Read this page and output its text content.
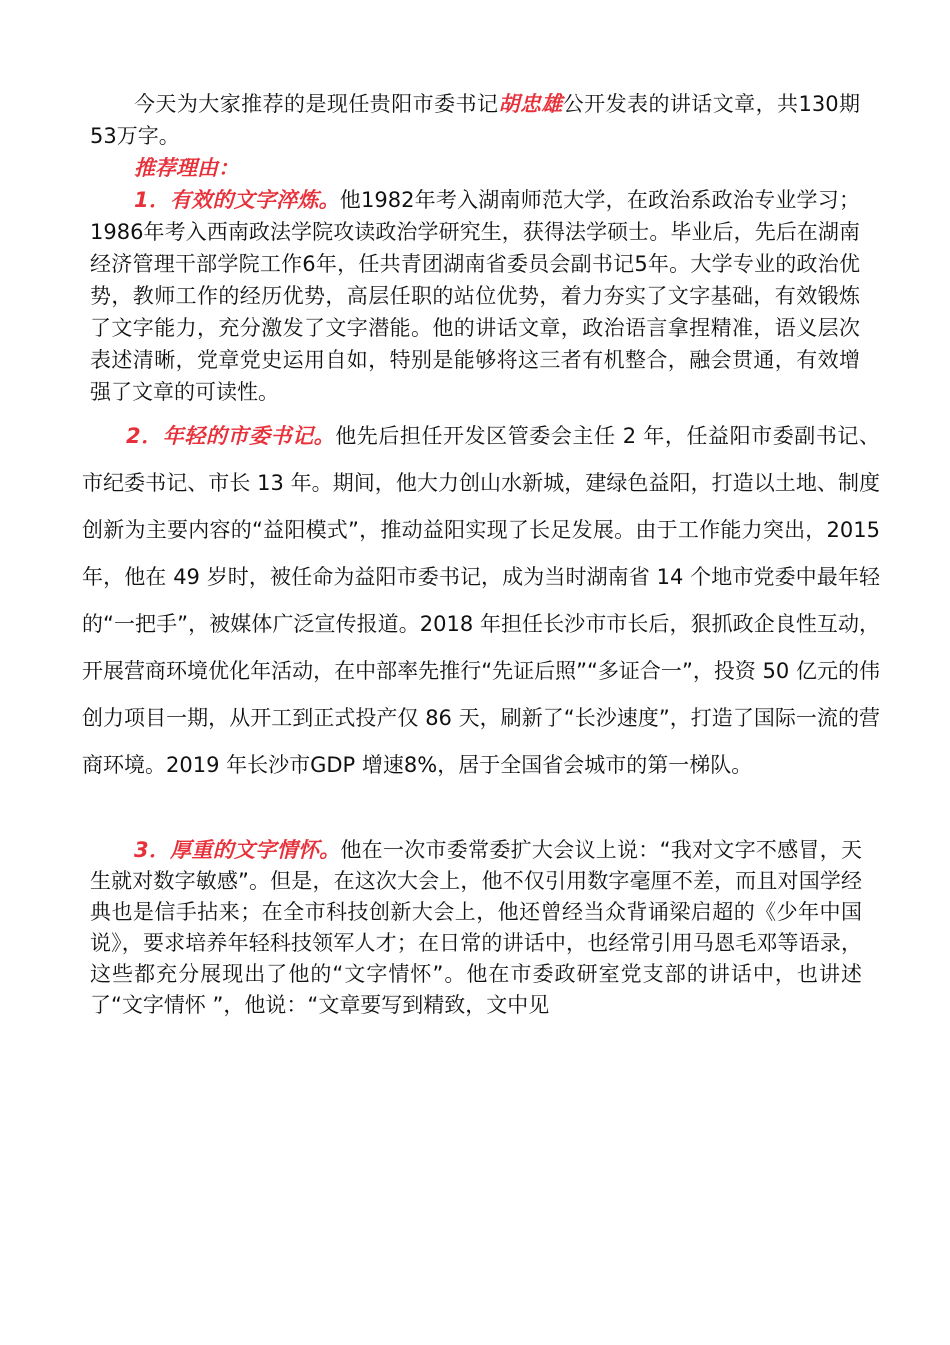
今天为大家推荐的是现任贵阳市委书记胡忠雄公开发表的讲话文章，共130期53万字。

推荐理由：

1．有效的文字淬炼。他1982年考入湖南师范大学，在政治系政治专业学习；1986年考入西南政法学院攻读政治学研究生，获得法学硕士。毕业后，先后在湖南经济管理干部学院工作6年，任共青团湖南省委员会副书记5年。大学专业的政治优势，教师工作的经历优势，高层任职的站位优势，着力夯实了文字基础，有效锻炼了文字能力，充分激发了文字潜能。他的讲话文章，政治语言拿捏精准，语义层次表述清晰，党章党史运用自如，特别是能够将这三者有机整合，融会贯通，有效增强了文章的可读性。

2．年轻的市委书记。他先后担任开发区管委会主任 2 年，任益阳市委副书记、市纪委书记、市长 13 年。期间，他大力创山水新城，建绿色益阳，打造以土地、制度创新为主要内容的“益阳模式”，推动益阳实现了长足发展。由于工作能力突出，2015 年，他在 49 岁时，被任命为益阳市委书记，成为当时湖南省 14 个地市党委中最年轻的“一把手”，被媒体广泛宣传报道。2018 年担任长沙市市长后，狠抓政企良性互动，开展营商环境优化年活动，在中部率先推行“先证后照”“多证合一”，投资 50 亿元的伟创力项目一期，从开工到正式投产仅 86 天，刷新了“长沙速度”，打造了国际一流的营商环境。2019 年长沙市GDP 增速8%，居于全国省会城市的第一梯队。

3．厚重的文字情怀。他在一次市委常委扩大会议上说：“我对文字不感冒，天生就对数字敏感”。但是，在这次大会上，他不仅引用数字毫厘不差，而且对国学经典也是信手拈来；在全市科技创新大会上，他还曾经当众背诵梁启超的《少年中国说》，要求培养年轻科技领军人才；在日常的讲话中，也经常引用马恩毛邓等语录，这些都充分展现出了他的“文字情怀”。他在市委政研室党支部的讲话中，也讲述了“文字情怀 ”，他说：“文章要写到精致，文中见
